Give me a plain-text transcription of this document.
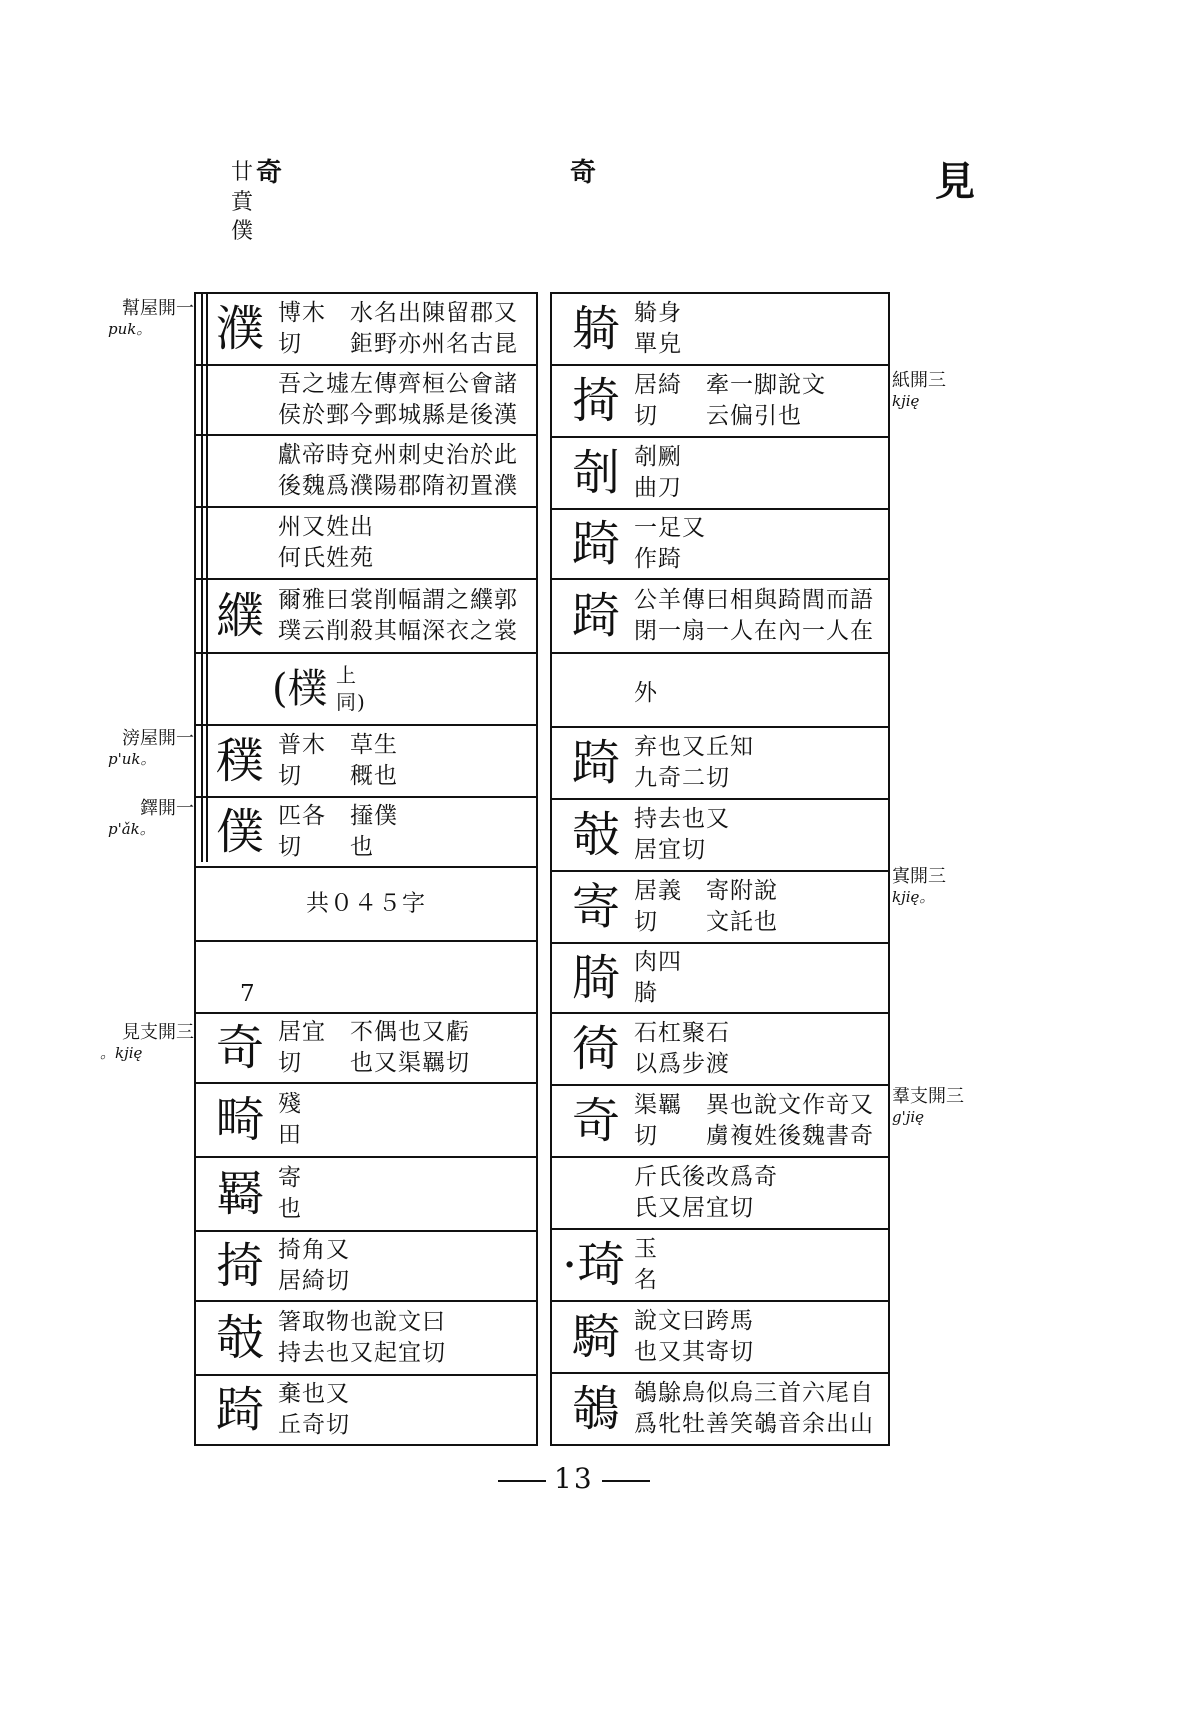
奇
廿
賁
僕
奇	見
幫屋開一
puk。
滂屋開一
p'uk。
鐸開一
p'ǎk。
見支開三
。kjię
紙開三
kjię
寘開三
kjię。
羣支開三
g'jię
濮 博木　水名出陳留郡又
切　　鉅野亦州名古昆
吾之墟左傳齊桓公會諸
侯於鄄今鄄城縣是後漢
獻帝時兗州刺史治於此
後魏爲濮陽郡隋初置濮
州又姓出
何氏姓苑
纀 爾雅曰裳削幅謂之纀郭
璞云削殺其幅深衣之裳
(樸 上
同)
穙 普木　草生
切　　穊也
僕 匹各　𢶍僕
切　　也
共０４５字
7
奇 居宜　不偶也又虧
切　　也又渠羈切
畸 殘
田
羇 寄
也
掎 掎角又
居綺切
攲 箸取物也說文曰
持去也又起宜切
踦 棄也又
丘奇切
躸 躸身
單皃
掎 居綺　牽一脚說文
切　　云偏引也
剞 剞劂
曲刀
踦 一足又
作踦
踦 公羊傳曰相與踦閭而語
閉一扇一人在內一人在
外
踦 弃也又丘知
九奇二切
攲 持去也又
居宜切
寄 居義　寄附說
切　　文託也
䐀 肉四
䐀
徛 石杠聚石
以爲步渡
奇 渠羈　異也說文作竒又
切　　虜複姓後魏書奇
斤氏後改爲奇
氏又居宜切
·琦 玉
名
騎 說文曰跨馬
也又其寄切
鵸 鵸鵌鳥似烏三首六尾自
爲牝牡善笑鵸音余出山
13
